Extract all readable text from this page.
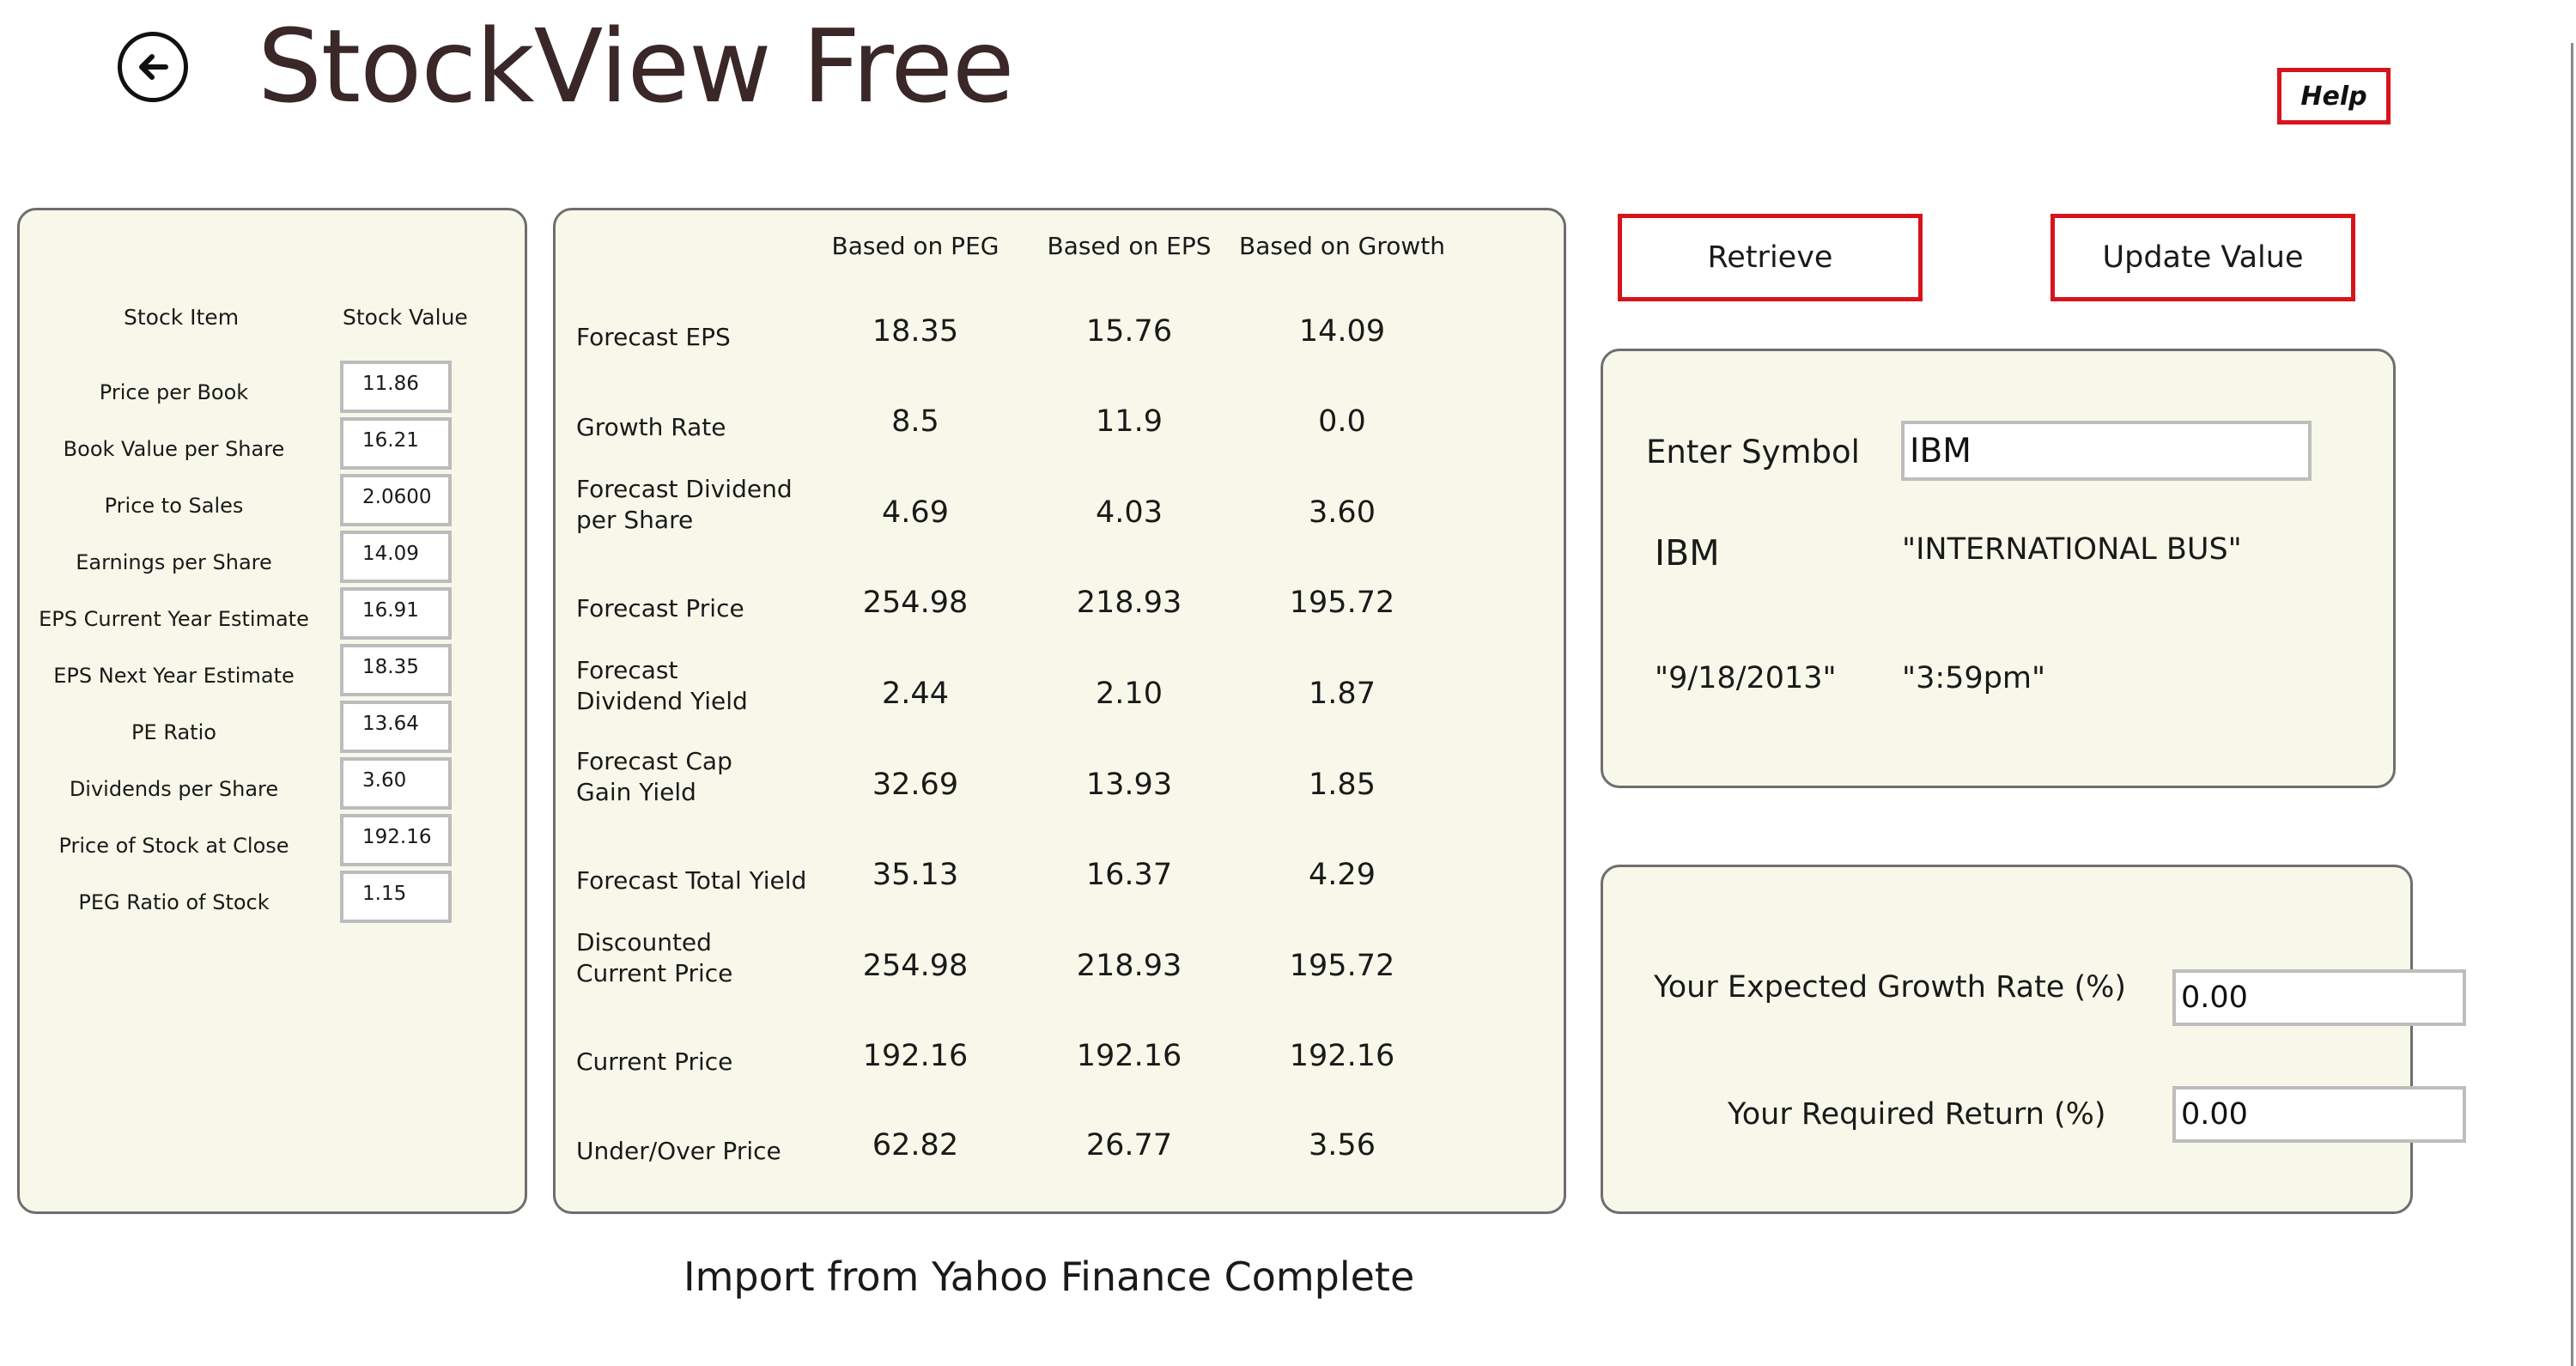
StockView Free	Help
Stock Item	Stock Value
Price per Book	11.86
Book Value per Share	16.21
Price to Sales	2.0600
Earnings per Share	14.09
EPS Current Year Estimate	16.91
EPS Next Year Estimate	18.35
PE Ratio	13.64
Dividends per Share	3.60
Price of Stock at Close	192.16
PEG Ratio of Stock	1.15
Based on PEG	Based on EPS	Based on Growth
Forecast EPS	18.35	15.76	14.09
Growth Rate	8.5	11.9	0.0
Forecast Dividend per Share	4.69	4.03	3.60
Forecast Price	254.98	218.93	195.72
Forecast Dividend Yield	2.44	2.10	1.87
Forecast Cap Gain Yield	32.69	13.93	1.85
Forecast Total Yield	35.13	16.37	4.29
Discounted Current Price	254.98	218.93	195.72
Current Price	192.16	192.16	192.16
Under/Over Price	62.82	26.77	3.56
Retrieve	Update Value
Enter Symbol
IBM
IBM	"INTERNATIONAL BUS"
"9/18/2013" "3:59pm"
Your Expected Growth Rate (%)
0.00
Your Required Return (%)
0.00
Import from Yahoo Finance Complete
